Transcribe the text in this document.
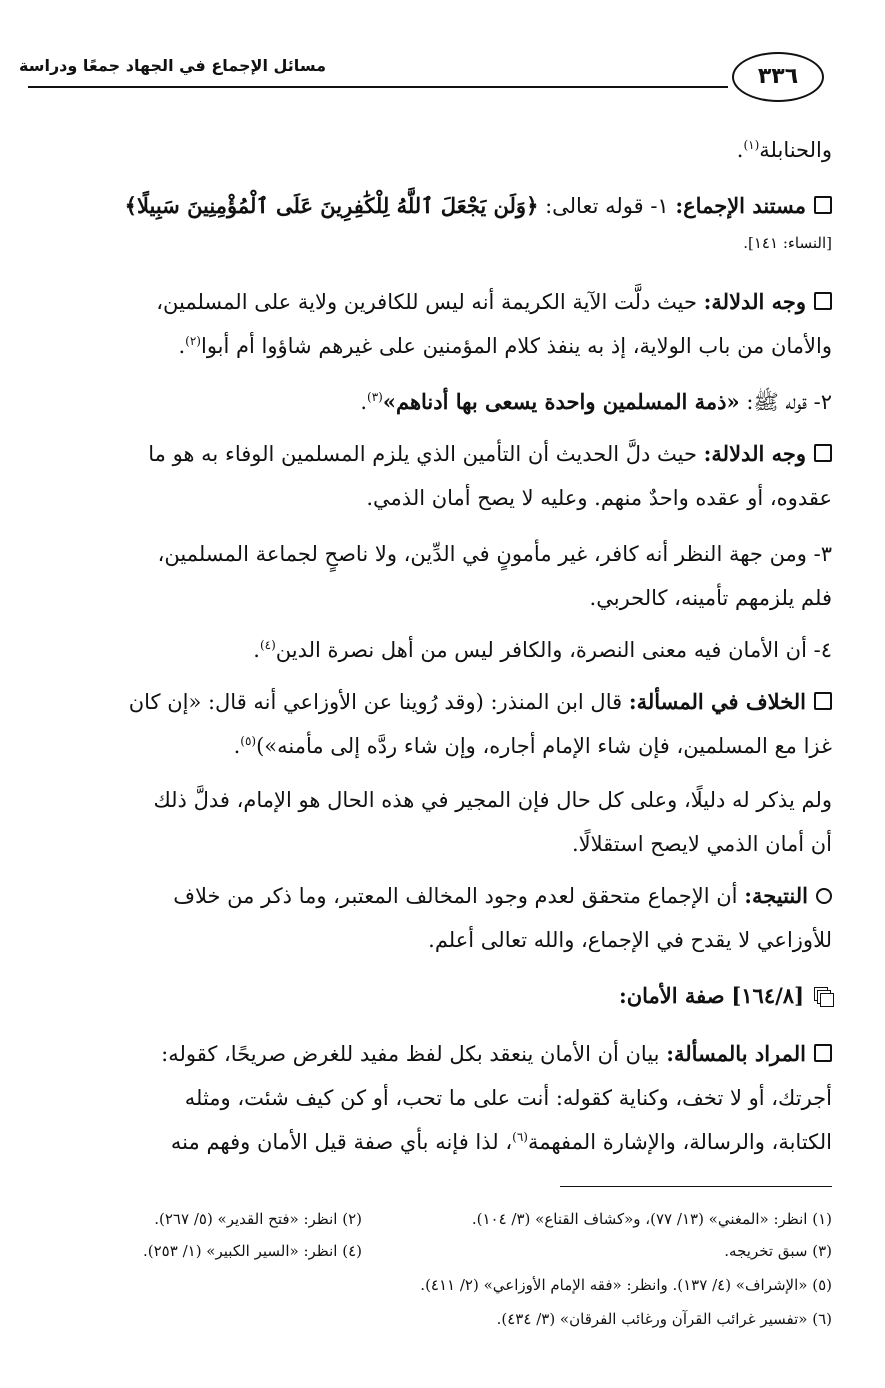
٣٣٦
مسائل الإجماع في الجهاد جمعًا ودراسة

والحنابلة$^{(١)}$.

مستند الإجماع: ١- قوله تعالى: ﴿وَلَن يَجْعَلَ ٱللَّهُ لِلْكَٰفِرِينَ عَلَى ٱلْمُؤْمِنِينَ سَبِيلًا﴾

[النساء: ١٤١].

وجه الدلالة: حيث دلَّت الآية الكريمة أنه ليس للكافرين ولاية على المسلمين،
والأمان من باب الولاية، إذ به ينفذ كلام المؤمنين على غيرهم شاؤوا أم أبوا$^{(٢)}$.

٢- قوله ﷺ: «ذمة المسلمين واحدة يسعى بها أدناهم»$^{(٣)}$.

وجه الدلالة: حيث دلَّ الحديث أن التأمين الذي يلزم المسلمين الوفاء به هو ما
عقدوه، أو عقده واحدٌ منهم. وعليه لا يصح أمان الذمي.

٣- ومن جهة النظر أنه كافر، غير مأمونٍ في الدِّين، ولا ناصحٍ لجماعة المسلمين،
فلم يلزمهم تأمينه، كالحربي.

٤- أن الأمان فيه معنى النصرة، والكافر ليس من أهل نصرة الدين$^{(٤)}$.

الخلاف في المسألة: قال ابن المنذر: (وقد رُوينا عن الأوزاعي أنه قال: «إن كان
غزا مع المسلمين، فإن شاء الإمام أجاره، وإن شاء ردَّه إلى مأمنه»)$^{(٥)}$.

ولم يذكر له دليلًا، وعلى كل حال فإن المجير في هذه الحال هو الإمام، فدلَّ ذلك
أن أمان الذمي لايصح استقلالًا.

النتيجة: أن الإجماع متحقق لعدم وجود المخالف المعتبر، وما ذكر من خلاف
للأوزاعي لا يقدح في الإجماع، والله تعالى أعلم.

[١٦٤/٨] صفة الأمان:

المراد بالمسألة: بيان أن الأمان ينعقد بكل لفظ مفيد للغرض صريحًا، كقوله:
أجرتك، أو لا تخف، وكناية كقوله: أنت على ما تحب، أو كن كيف شئت، ومثله
الكتابة، والرسالة، والإشارة المفهمة$^{(٦)}$، لذا فإنه بأي صفة قيل الأمان وفهم منه

(١) انظر: «المغني» (١٣/ ٧٧)، و«كشاف القناع» (٣/ ١٠٤).
(٢) انظر: «فتح القدير» (٥/ ٢٦٧).
(٣) سبق تخريجه.
(٤) انظر: «السير الكبير» (١/ ٢٥٣).
(٥) «الإشراف» (٤/ ١٣٧). وانظر: «فقه الإمام الأوزاعي» (٢/ ٤١١).
(٦) «تفسير غرائب القرآن ورغائب الفرقان» (٣/ ٤٣٤).
